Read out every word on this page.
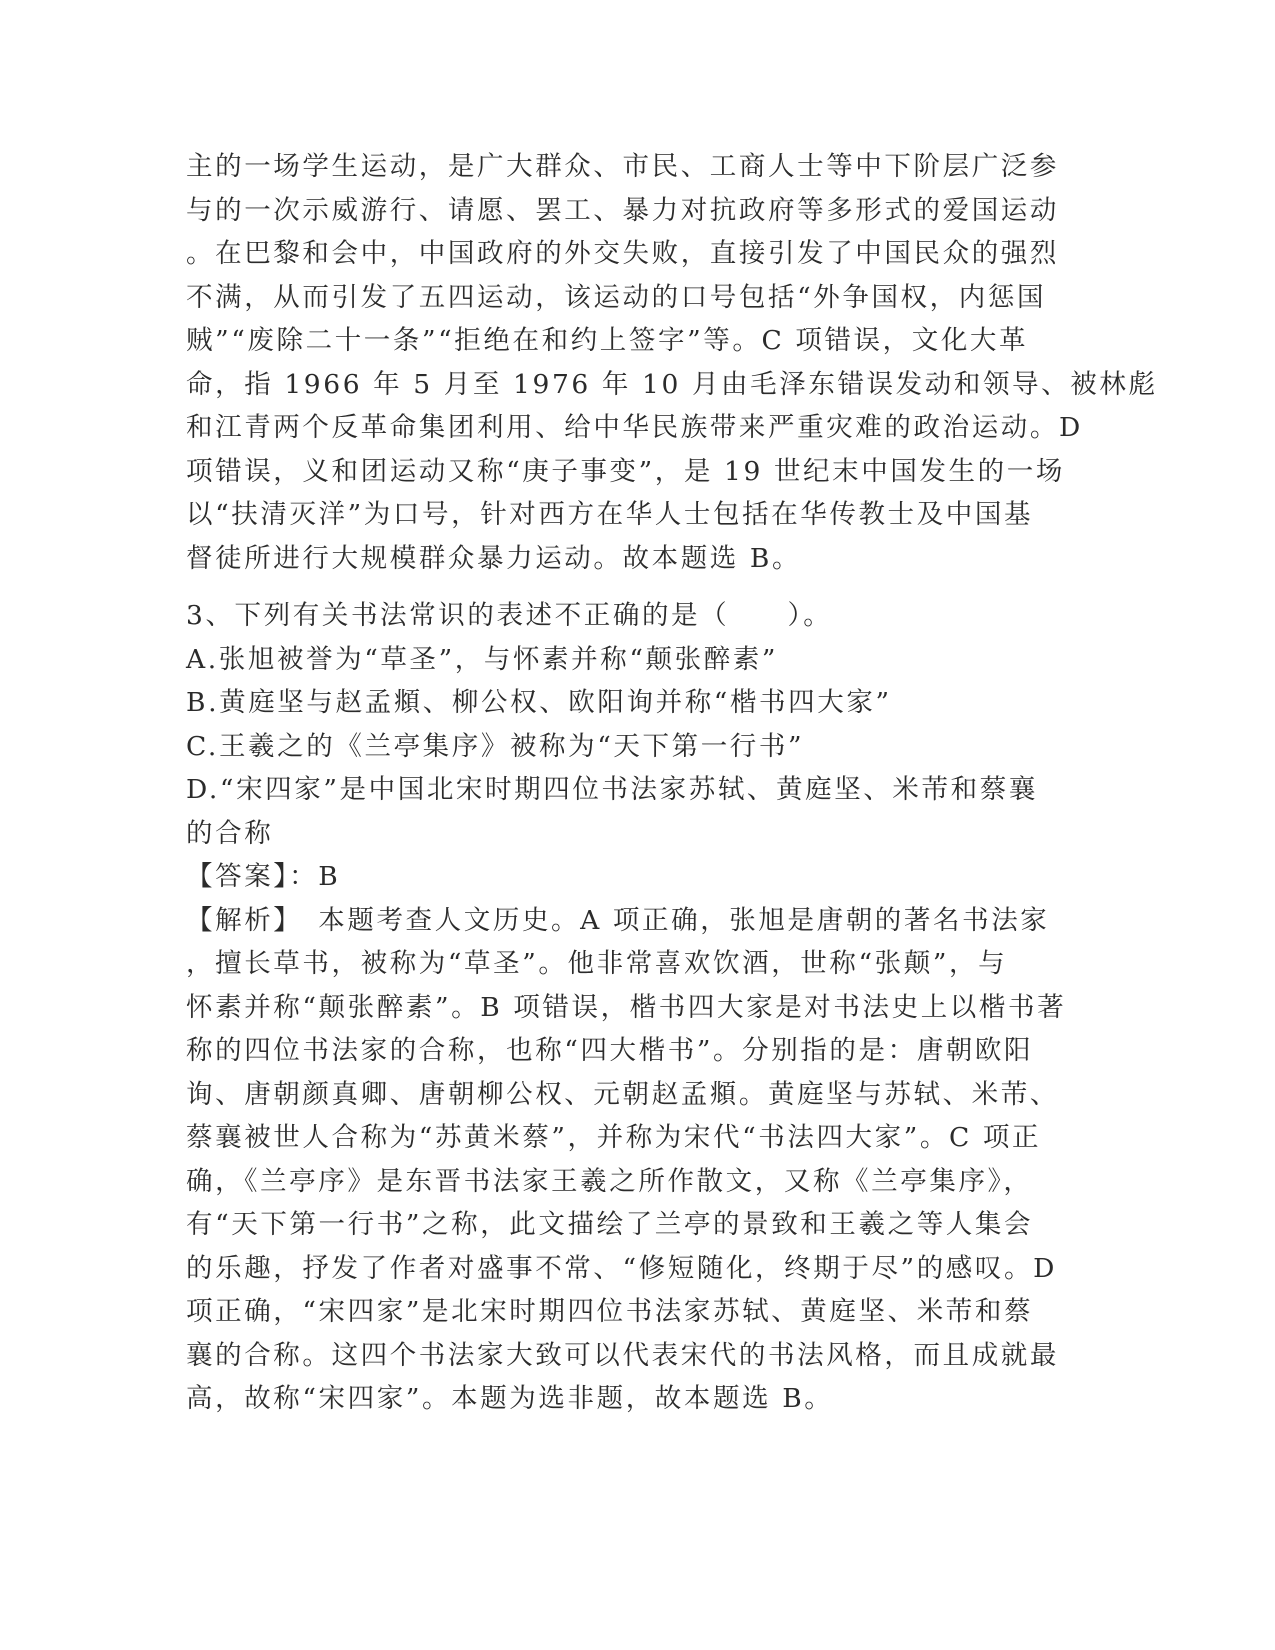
主的一场学生运动，是广大群众、市民、工商人士等中下阶层广泛参
与的一次示威游行、请愿、罢工、暴力对抗政府等多形式的爱国运动
。在巴黎和会中，中国政府的外交失败，直接引发了中国民众的强烈
不满，从而引发了五四运动，该运动的口号包括“外争国权，内惩国
贼”“废除二十一条”“拒绝在和约上签字”等。C 项错误，文化大革
命，指 1966 年 5 月至 1976 年 10 月由毛泽东错误发动和领导、被林彪
和江青两个反革命集团利用、给中华民族带来严重灾难的政治运动。D
项错误，义和团运动又称“庚子事变”，是 19 世纪末中国发生的一场
以“扶清灭洋”为口号，针对西方在华人士包括在华传教士及中国基
督徒所进行大规模群众暴力运动。故本题选 B。
3、下列有关书法常识的表述不正确的是（　　）。
A.张旭被誉为“草圣”，与怀素并称“颠张醉素”
B.黄庭坚与赵孟頫、柳公权、欧阳询并称“楷书四大家”
C.王羲之的《兰亭集序》被称为“天下第一行书”
D.“宋四家”是中国北宋时期四位书法家苏轼、黄庭坚、米芾和蔡襄
的合称
【答案】：B
【解析】　本题考查人文历史。A 项正确，张旭是唐朝的著名书法家
，擅长草书，被称为“草圣”。他非常喜欢饮酒，世称“张颠”，与
怀素并称“颠张醉素”。B 项错误，楷书四大家是对书法史上以楷书著
称的四位书法家的合称，也称“四大楷书”。分别指的是：唐朝欧阳
询、唐朝颜真卿、唐朝柳公权、元朝赵孟頫。黄庭坚与苏轼、米芾、
蔡襄被世人合称为“苏黄米蔡”，并称为宋代“书法四大家”。C 项正
确，《兰亭序》是东晋书法家王羲之所作散文，又称《兰亭集序》，
有“天下第一行书”之称，此文描绘了兰亭的景致和王羲之等人集会
的乐趣，抒发了作者对盛事不常、“修短随化，终期于尽”的感叹。D
项正确，“宋四家”是北宋时期四位书法家苏轼、黄庭坚、米芾和蔡
襄的合称。这四个书法家大致可以代表宋代的书法风格，而且成就最
高，故称“宋四家”。本题为选非题，故本题选 B。
